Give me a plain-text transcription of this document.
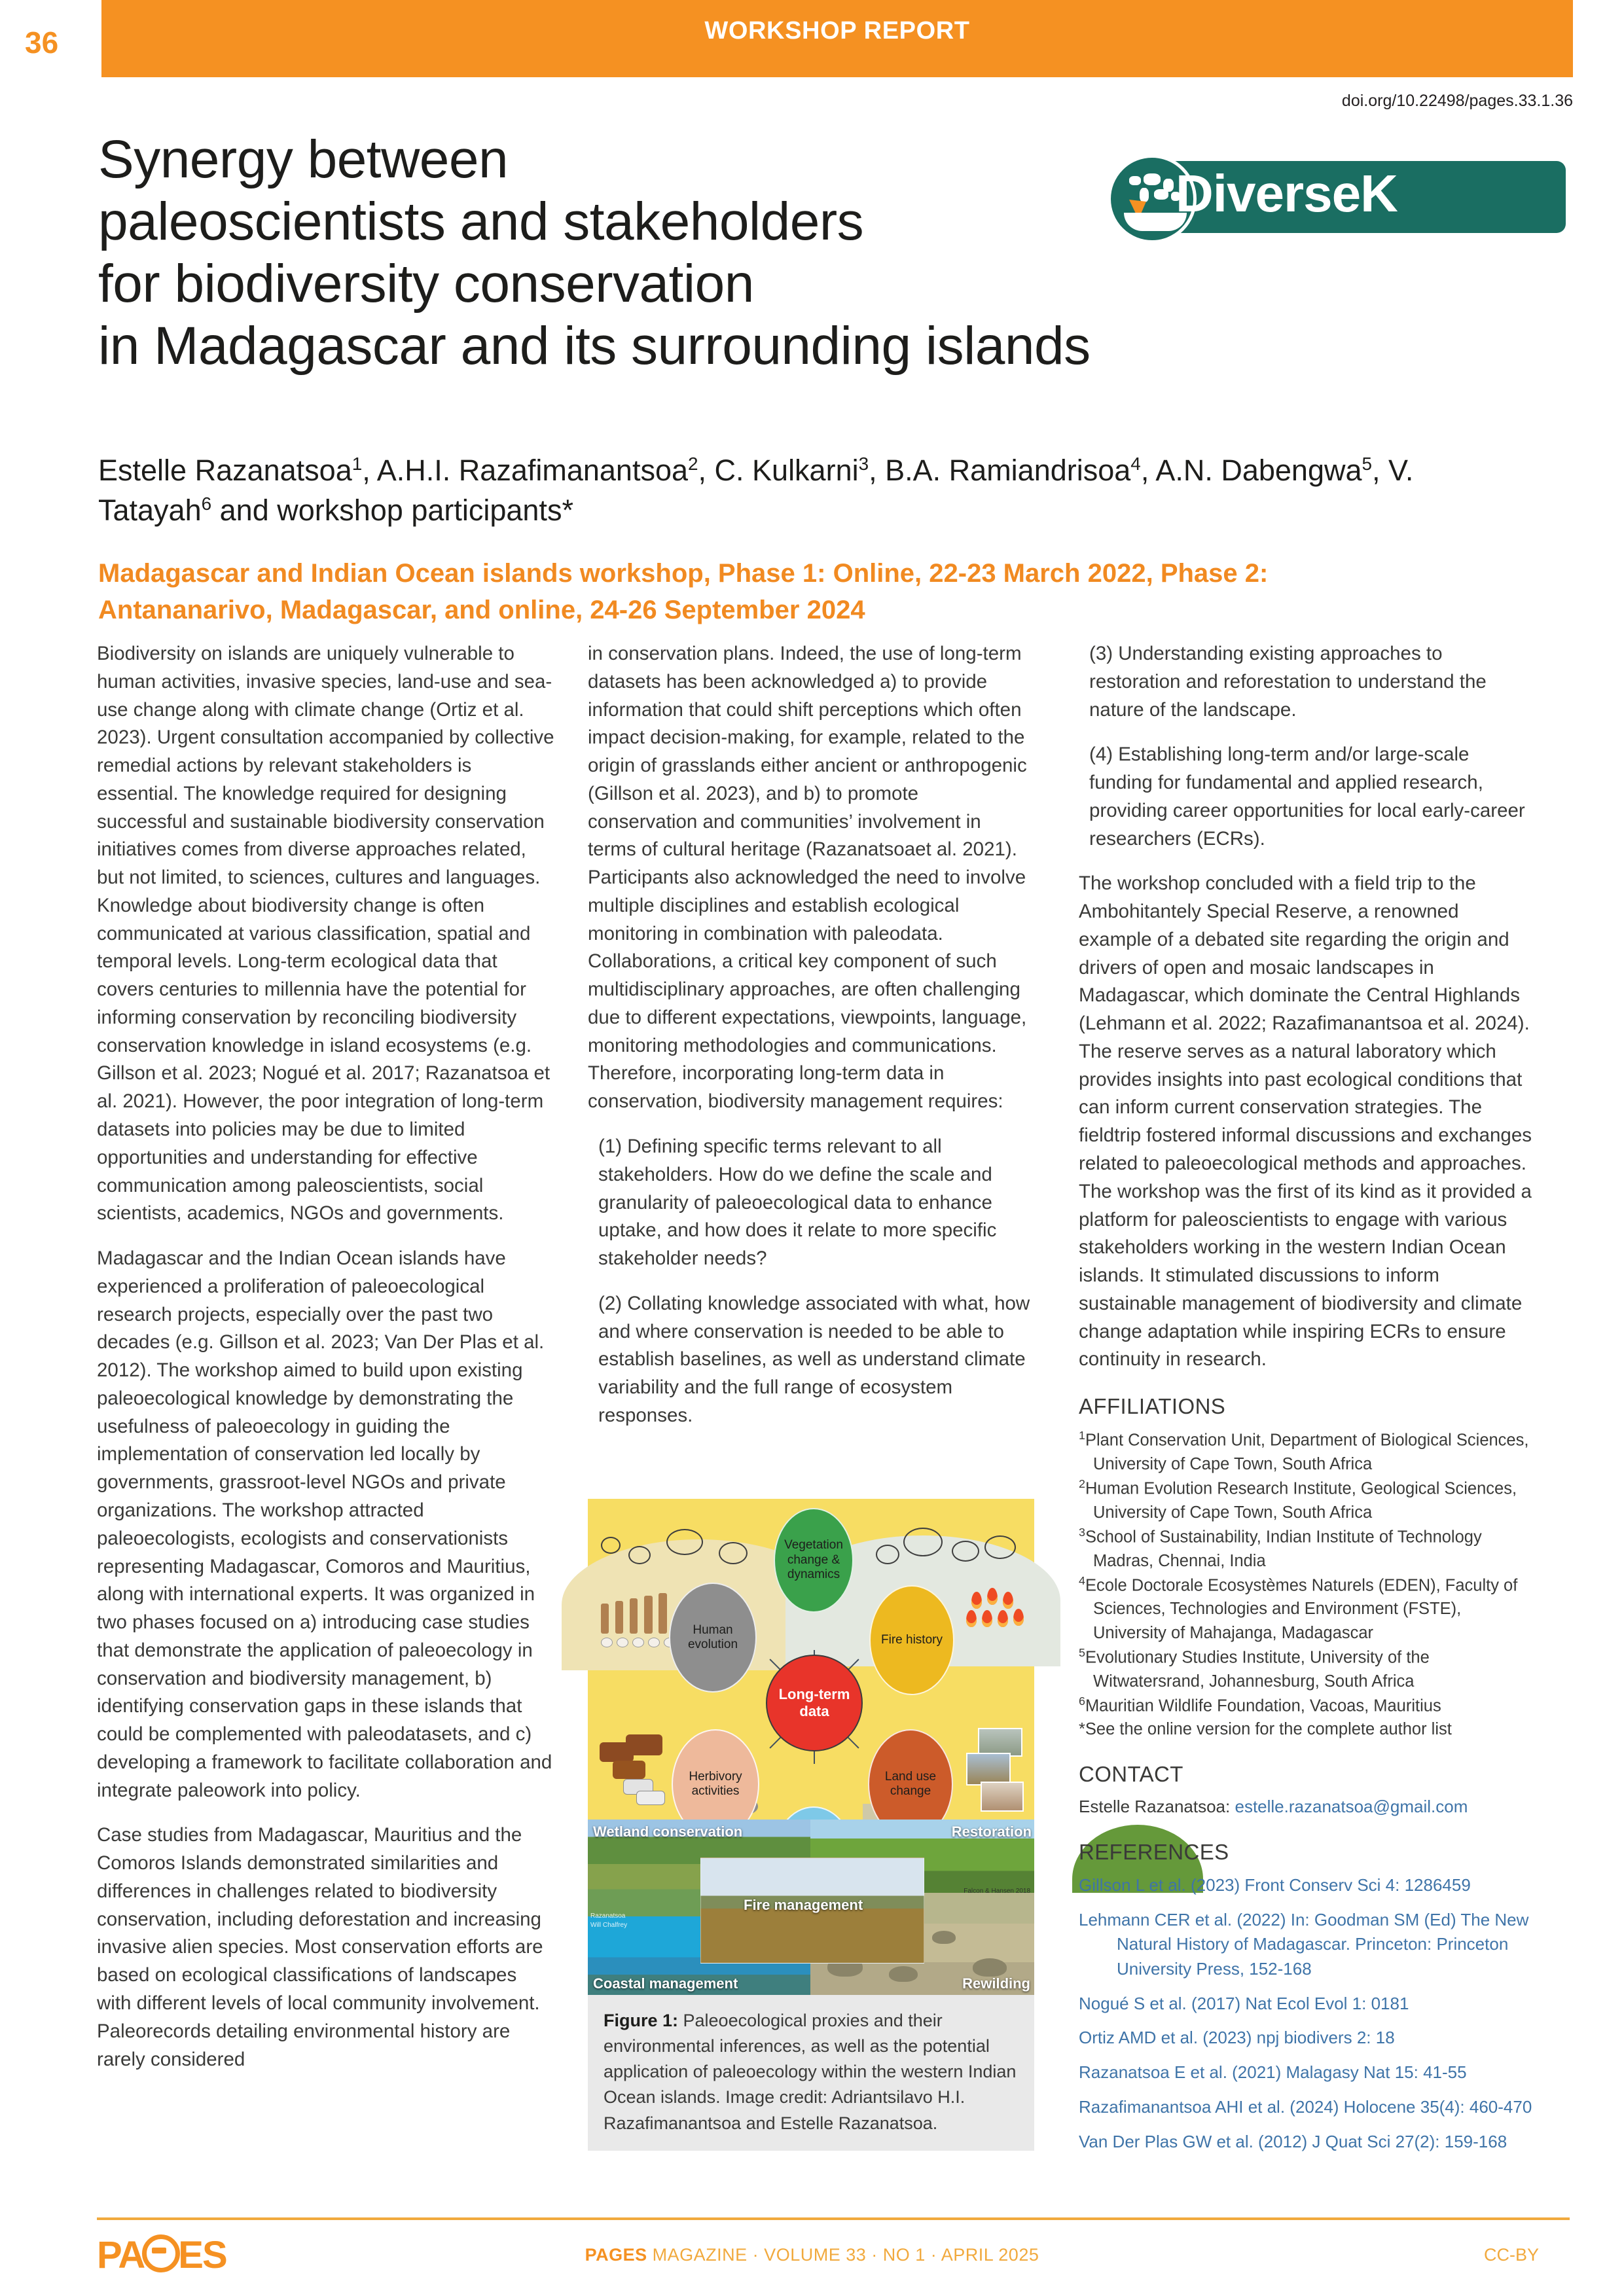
WORKSHOP REPORT
36
doi.org/10.22498/pages.33.1.36
Synergy between
paleoscientists and stakeholders
for biodiversity conservation
in Madagascar and its surrounding islands
DiverseK
Estelle Razanatsoa$^1$, A.H.I. Razafimanantsoa$^2$, C. Kulkarni$^3$, B.A. Ramiandrisoa$^4$, A.N. Dabengwa$^5$, V. Tatayah$^6$ and workshop participants*
Madagascar and Indian Ocean islands workshop, Phase 1: Online, 22-23 March 2022, Phase 2: Antananarivo, Madagascar, and online, 24-26 September 2024

Biodiversity on islands are uniquely vulnerable to human activities, invasive species, land-use and sea-use change along with climate change (Ortiz et al. 2023). Urgent consultation accompanied by collective remedial actions by relevant stakeholders is essential. The knowledge required for designing successful and sustainable biodiversity conservation initiatives comes from diverse approaches related, but not limited, to sciences, cultures and languages. Knowledge about biodiversity change is often communicated at various classification, spatial and temporal levels. Long-term ecological data that covers centuries to millennia have the potential for informing conservation by reconciling biodiversity conservation knowledge in island ecosystems (e.g. Gillson et al. 2023; Nogué et al. 2017; Razanatsoa et al. 2021). However, the poor integration of long-term datasets into policies may be due to limited opportunities and understanding for effective communication among paleoscientists, social scientists, academics, NGOs and governments.

Madagascar and the Indian Ocean islands have experienced a proliferation of paleoecological research projects, especially over the past two decades (e.g. Gillson et al. 2023; Van Der Plas et al. 2012). The workshop aimed to build upon existing paleoecological knowledge by demonstrating the usefulness of paleoecology in guiding the implementation of conservation led locally by governments, grassroot-level NGOs and private organizations. The workshop attracted paleoecologists, ecologists and conservationists representing Madagascar, Comoros and Mauritius, along with international experts. It was organized in two phases focused on a) introducing case studies that demonstrate the application of paleoecology in conservation and biodiversity management, b) identifying conservation gaps in these islands that could be complemented with paleodatasets, and c) developing a framework to facilitate collaboration and integrate paleowork into policy.

Case studies from Madagascar, Mauritius and the Comoros Islands demonstrated similarities and differences in challenges related to biodiversity conservation, including deforestation and increasing invasive alien species. Most conservation efforts are based on ecological classifications of landscapes with different levels of local community involvement. Paleorecords detailing environmental history are rarely considered

in conservation plans. Indeed, the use of long-term datasets has been acknowledged a) to provide information that could shift perceptions which often impact decision-making, for example, related to the origin of grasslands either ancient or anthropogenic (Gillson et al. 2023), and b) to promote conservation and communities’ involvement in terms of cultural heritage (Razanatsoaet al. 2021). Participants also acknowledged the need to involve multiple disciplines and establish ecological monitoring in combination with paleodata. Collaborations, a critical key component of such multidisciplinary approaches, are often challenging due to different expectations, viewpoints, language, monitoring methodologies and communications. Therefore, incorporating long-term data in conservation, biodiversity management requires:

(1) Defining specific terms relevant to all stakeholders. How do we define the scale and granularity of paleoecological data to enhance uptake, and how does it relate to more specific stakeholder needs?

(2) Collating knowledge associated with what, how and where conservation is needed to be able to establish baselines, as well as understand climate variability and the full range of ecosystem responses.

Vegetation change & dynamics
Human evolution	Fire history
Herbivory activities
Land use change
Long-term data
Wetland conservation	Restoration
Fire management
Coastal management	Rewilding
Razanatsoa
Will Chalfrey
Falcon & Hansen 2018
Figure 1: Paleoecological proxies and their environmental inferences, as well as the potential application of paleoecology within the western Indian Ocean islands. Image credit: Adriantsilavo H.I. Razafimanantsoa and Estelle Razanatsoa.

(3) Understanding existing approaches to restoration and reforestation to understand the nature of the landscape.

(4) Establishing long-term and/or large-scale funding for fundamental and applied research, providing career opportunities for local early-career researchers (ECRs).

The workshop concluded with a field trip to the Ambohitantely Special Reserve, a renowned example of a debated site regarding the origin and drivers of open and mosaic landscapes in Madagascar, which dominate the Central Highlands (Lehmann et al. 2022; Razafimanantsoa et al. 2024). The reserve serves as a natural laboratory which provides insights into past ecological conditions that can inform current conservation strategies. The fieldtrip fostered informal discussions and exchanges related to paleoecological methods and approaches. The workshop was the first of its kind as it provided a platform for paleoscientists to engage with various stakeholders working in the western Indian Ocean islands. It stimulated discussions to inform sustainable management of biodiversity and climate change adaptation while inspiring ECRs to ensure continuity in research.

AFFILIATIONS
$^1$Plant Conservation Unit, Department of Biological Sciences, University of Cape Town, South Africa
$^2$Human Evolution Research Institute, Geological Sciences, University of Cape Town, South Africa
$^3$School of Sustainability, Indian Institute of Technology Madras, Chennai, India
$^4$Ecole Doctorale Ecosystèmes Naturels (EDEN), Faculty of Sciences, Technologies and Environment (FSTE), University of Mahajanga, Madagascar
$^5$Evolutionary Studies Institute, University of the Witwatersrand, Johannesburg, South Africa
$^6$Mauritian Wildlife Foundation, Vacoas, Mauritius
*See the online version for the complete author list
CONTACT
Estelle Razanatsoa: estelle.razanatsoa@gmail.com
REFERENCES
Gillson L et al. (2023) Front Conserv Sci 4: 1286459
Lehmann CER et al. (2022) In: Goodman SM (Ed) The New Natural History of Madagascar. Princeton: Princeton University Press, 152-168
Nogué S et al. (2017) Nat Ecol Evol 1: 0181
Ortiz AMD et al. (2023) npj biodivers 2: 18
Razanatsoa E et al. (2021) Malagasy Nat 15: 41-55
Razafimanantsoa AHI et al. (2024) Holocene 35(4): 460-470
Van Der Plas GW et al. (2012) J Quat Sci 27(2): 159-168
PA ES	PAGES MAGAZINE · VOLUME 33 · NO 1 · APRIL 2025	CC-BY
